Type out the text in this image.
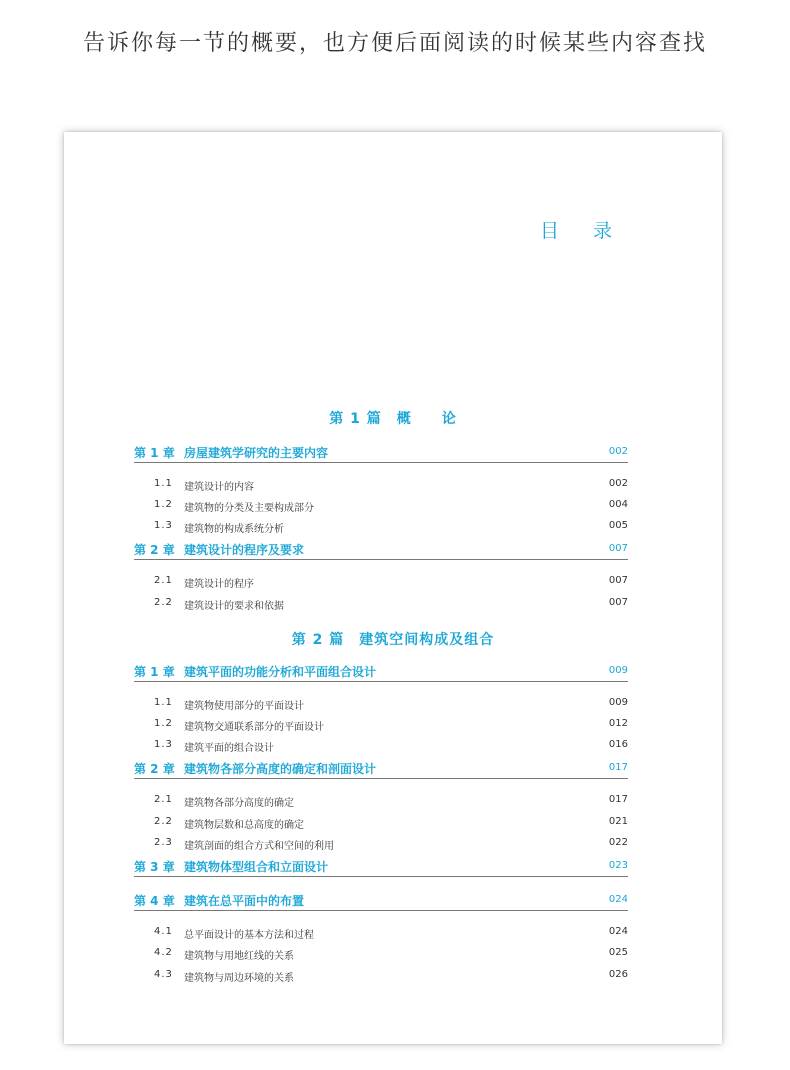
告诉你每一节的概要，也方便后面阅读的时候某些内容查找
目 录
第 1 篇　概　　论
第 1 章 房屋建筑学研究的主要内容	002
1.1 建筑设计的内容	002
1.2 建筑物的分类及主要构成部分	004
1.3 建筑物的构成系统分析	005
第 2 章 建筑设计的程序及要求	007
2.1 建筑设计的程序	007
2.2 建筑设计的要求和依据	007
第 2 篇　建筑空间构成及组合
第 1 章 建筑平面的功能分析和平面组合设计	009
1.1 建筑物使用部分的平面设计	009
1.2 建筑物交通联系部分的平面设计	012
1.3 建筑平面的组合设计	016
第 2 章 建筑物各部分高度的确定和剖面设计	017
2.1 建筑物各部分高度的确定	017
2.2 建筑物层数和总高度的确定	021
2.3 建筑剖面的组合方式和空间的利用	022
第 3 章 建筑物体型组合和立面设计	023
第 4 章 建筑在总平面中的布置	024
4.1 总平面设计的基本方法和过程	024
4.2 建筑物与用地红线的关系	025
4.3 建筑物与周边环境的关系	026
